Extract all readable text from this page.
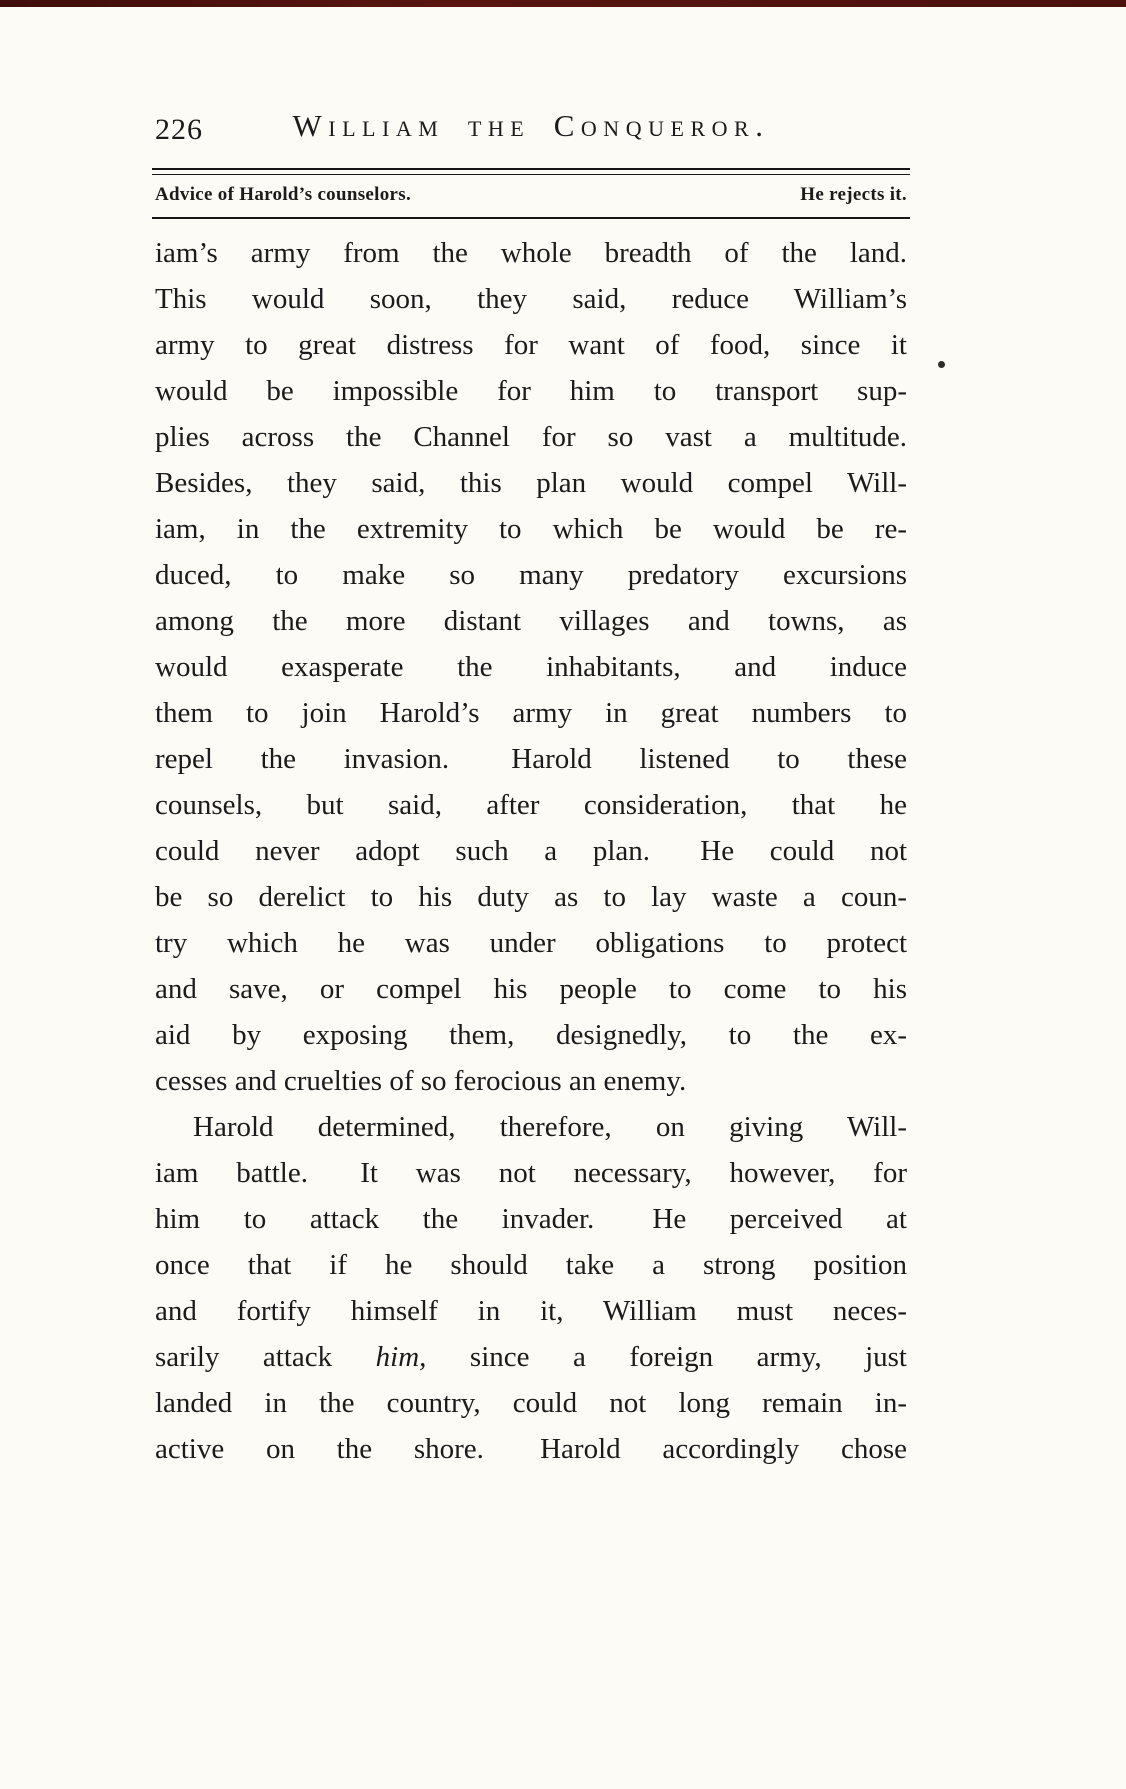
226	William the Conqueror.
Advice of Harold’s counselors.	He rejects it.
iam’s army from the whole breadth of the land.
This would soon, they said, reduce William’s
army to great distress for want of food, since it
would be impossible for him to transport sup-
plies across the Channel for so vast a multitude.
Besides, they said, this plan would compel Will-
iam, in the extremity to which be would be re-
duced, to make so many predatory excursions
among the more distant villages and towns, as
would exasperate the inhabitants, and induce
them to join Harold’s army in great numbers to
repel the invasion.  Harold listened to these
counsels, but said, after consideration, that he
could never adopt such a plan.  He could not
be so derelict to his duty as to lay waste a coun-
try which he was under obligations to protect
and save, or compel his people to come to his
aid by exposing them, designedly, to the ex-
cesses and cruelties of so ferocious an enemy.
Harold determined, therefore, on giving Will-
iam battle.  It was not necessary, however, for
him to attack the invader.  He perceived at
once that if he should take a strong position
and fortify himself in it, William must neces-
sarily attack him, since a foreign army, just
landed in the country, could not long remain in-
active on the shore.  Harold accordingly chose
